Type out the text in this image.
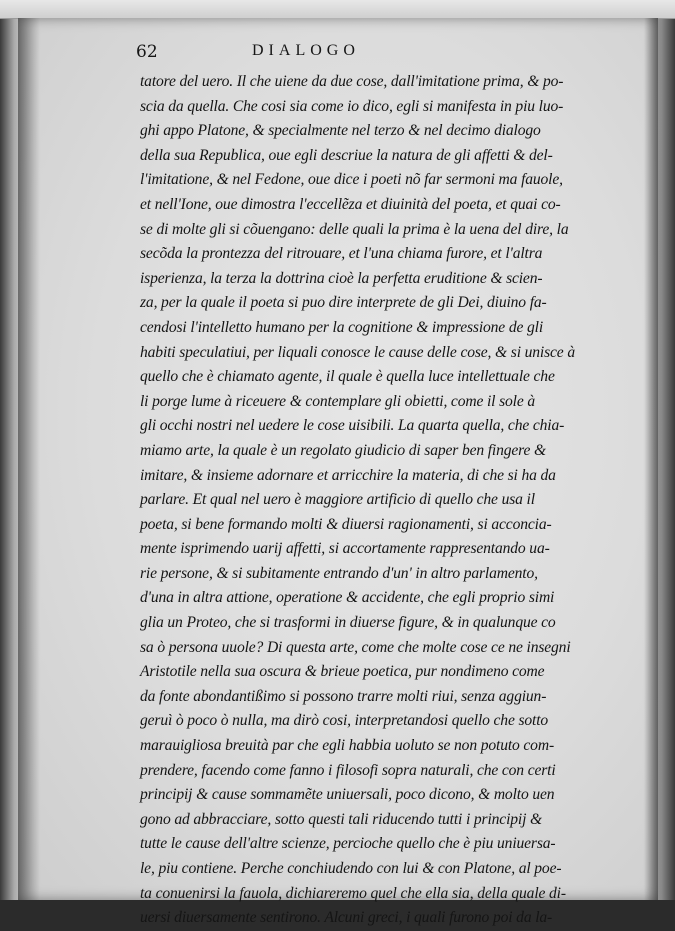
62	DIALOGO
tatore del uero. Il che uiene da due cose, dall'imitatione prima, & po-
scia da quella. Che cosi sia come io dico, egli si manifesta in piu luo-
ghi appo Platone, & specialmente nel terzo & nel decimo dialogo
della sua Republica, oue egli descriue la natura de gli affetti & del-
l'imitatione, & nel Fedone, oue dice i poeti nõ far sermoni ma fauole,
et nell'Ione, oue dimostra l'eccellẽza et diuinità del poeta, et quai co-
se di molte gli si cõuengano: delle quali la prima è la uena del dire, la
secõda la prontezza del ritrouare, et l'una chiama furore, et l'altra
isperienza, la terza la dottrina cioè la perfetta eruditione & scien-
za, per la quale il poeta si puo dire interprete de gli Dei, diuino fa-
cendosi l'intelletto humano per la cognitione & impressione de gli
habiti speculatiui, per liquali conosce le cause delle cose, & si unisce à
quello che è chiamato agente, il quale è quella luce intellettuale che
li porge lume à riceuere & contemplare gli obietti, come il sole à
gli occhi nostri nel uedere le cose uisibili. La quarta quella, che chia-
miamo arte, la quale è un regolato giudicio di saper ben fingere &
imitare, & insieme adornare et arricchire la materia, di che si ha da
parlare. Et qual nel uero è maggiore artificio di quello che usa il
poeta, si bene formando molti & diuersi ragionamenti, si acconcia-
mente isprimendo uarij affetti, si accortamente rappresentando ua-
rie persone, & si subitamente entrando d'un' in altro parlamento,
d'una in altra attione, operatione & accidente, che egli proprio simi
glia un Proteo, che si trasformi in diuerse figure, & in qualunque co
sa ò persona uuole? Di questa arte, come che molte cose ce ne insegni
Aristotile nella sua oscura & brieue poetica, pur nondimeno come
da fonte abondantißimo si possono trarre molti riui, senza aggiun-
geruì ò poco ò nulla, ma dirò cosi, interpretandosi quello che sotto
marauigliosa breuità par che egli habbia uoluto se non potuto com-
prendere, facendo come fanno i filosofi sopra naturali, che con certi
principij & cause sommamẽte uniuersali, poco dicono, & molto uen
gono ad abbracciare, sotto questi tali riducendo tutti i principij &
tutte le cause dell'altre scienze, percioche quello che è piu uniuersa-
le, piu contiene. Perche conchiudendo con lui & con Platone, al poe-
ta conuenirsi la fauola, dichiareremo quel che ella sia, della quale di-
uersi diuersamente sentirono. Alcuni greci, i quali furono poi da la-
